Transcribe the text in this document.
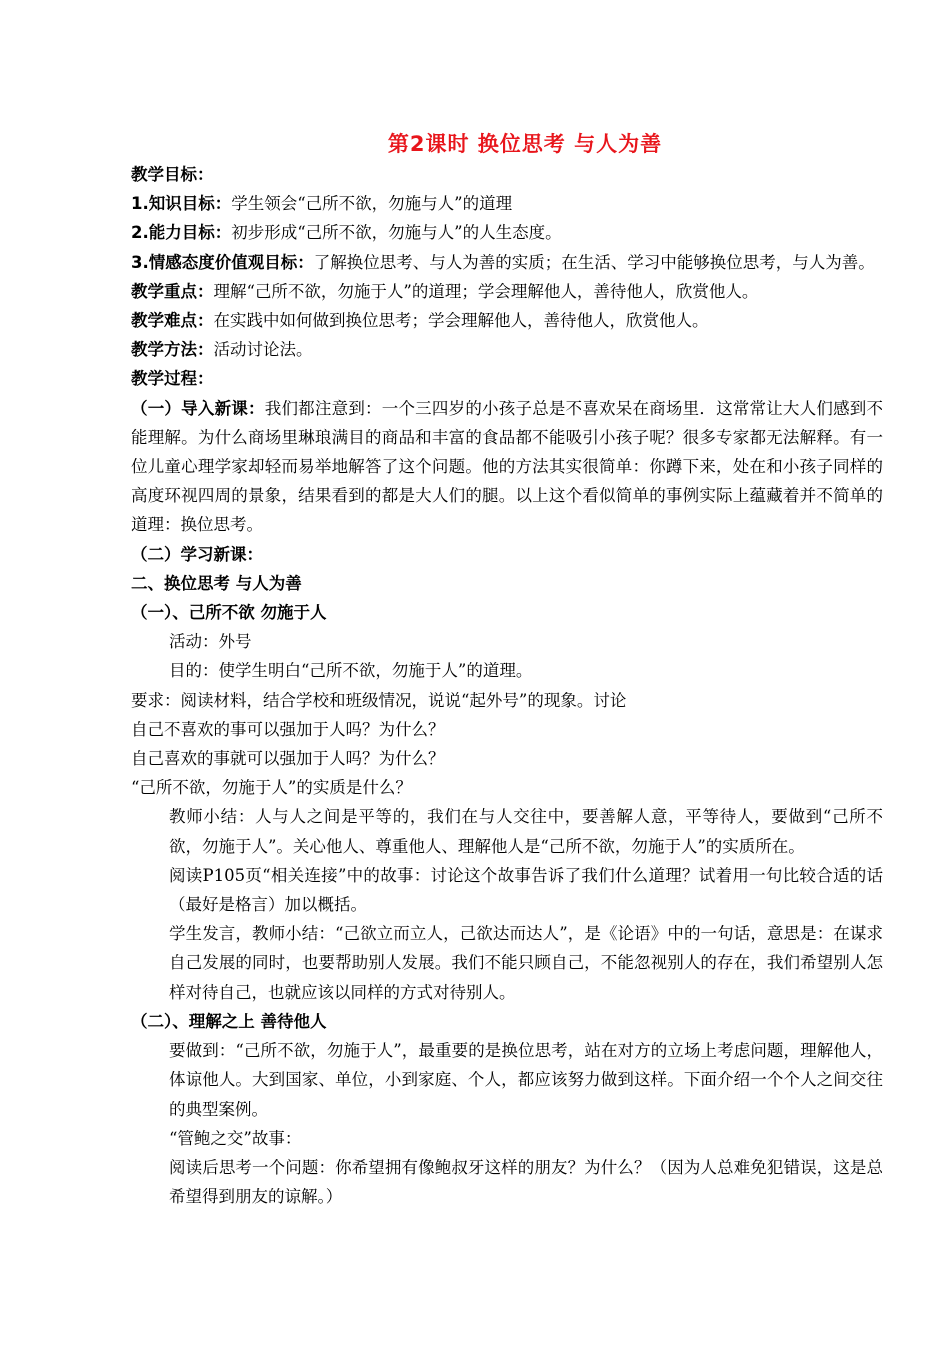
第2课时 换位思考 与人为善

教学目标：

1.知识目标：学生领会“己所不欲，勿施与人”的道理

2.能力目标：初步形成“己所不欲，勿施与人”的人生态度。

3.情感态度价值观目标：了解换位思考、与人为善的实质；在生活、学习中能够换位思考，与人为善。

教学重点：理解“己所不欲，勿施于人”的道理；学会理解他人，善待他人，欣赏他人。

教学难点：在实践中如何做到换位思考；学会理解他人，善待他人，欣赏他人。

教学方法：活动讨论法。

教学过程：

（一）导入新课：我们都注意到：一个三四岁的小孩子总是不喜欢呆在商场里．这常常让大人们感到不能理解。为什么商场里琳琅满目的商品和丰富的食品都不能吸引小孩子呢？很多专家都无法解释。有一位儿童心理学家却轻而易举地解答了这个问题。他的方法其实很简单：你蹲下来，处在和小孩子同样的高度环视四周的景象，结果看到的都是大人们的腿。以上这个看似简单的事例实际上蕴藏着并不简单的道理：换位思考。

（二）学习新课：

二、换位思考 与人为善

（一）、己所不欲 勿施于人

活动：外号

目的：使学生明白“己所不欲，勿施于人”的道理。

要求：阅读材料，结合学校和班级情况，说说“起外号”的现象。讨论

自己不喜欢的事可以强加于人吗？为什么？

自己喜欢的事就可以强加于人吗？为什么？

“己所不欲，勿施于人”的实质是什么？

教师小结：人与人之间是平等的，我们在与人交往中，要善解人意，平等待人，要做到“己所不欲，勿施于人”。关心他人、尊重他人、理解他人是“己所不欲，勿施于人”的实质所在。

阅读P105页“相关连接”中的故事：讨论这个故事告诉了我们什么道理？试着用一句比较合适的话（最好是格言）加以概括。

学生发言，教师小结：“己欲立而立人，己欲达而达人”，是《论语》中的一句话，意思是：在谋求自己发展的同时，也要帮助别人发展。我们不能只顾自己，不能忽视别人的存在，我们希望别人怎样对待自己，也就应该以同样的方式对待别人。

（二）、理解之上 善待他人

要做到：“己所不欲，勿施于人”，最重要的是换位思考，站在对方的立场上考虑问题，理解他人，体谅他人。大到国家、单位，小到家庭、个人，都应该努力做到这样。下面介绍一个个人之间交往的典型案例。

“管鲍之交”故事：

阅读后思考一个问题：你希望拥有像鲍叔牙这样的朋友？为什么？（因为人总难免犯错误，这是总希望得到朋友的谅解。）
